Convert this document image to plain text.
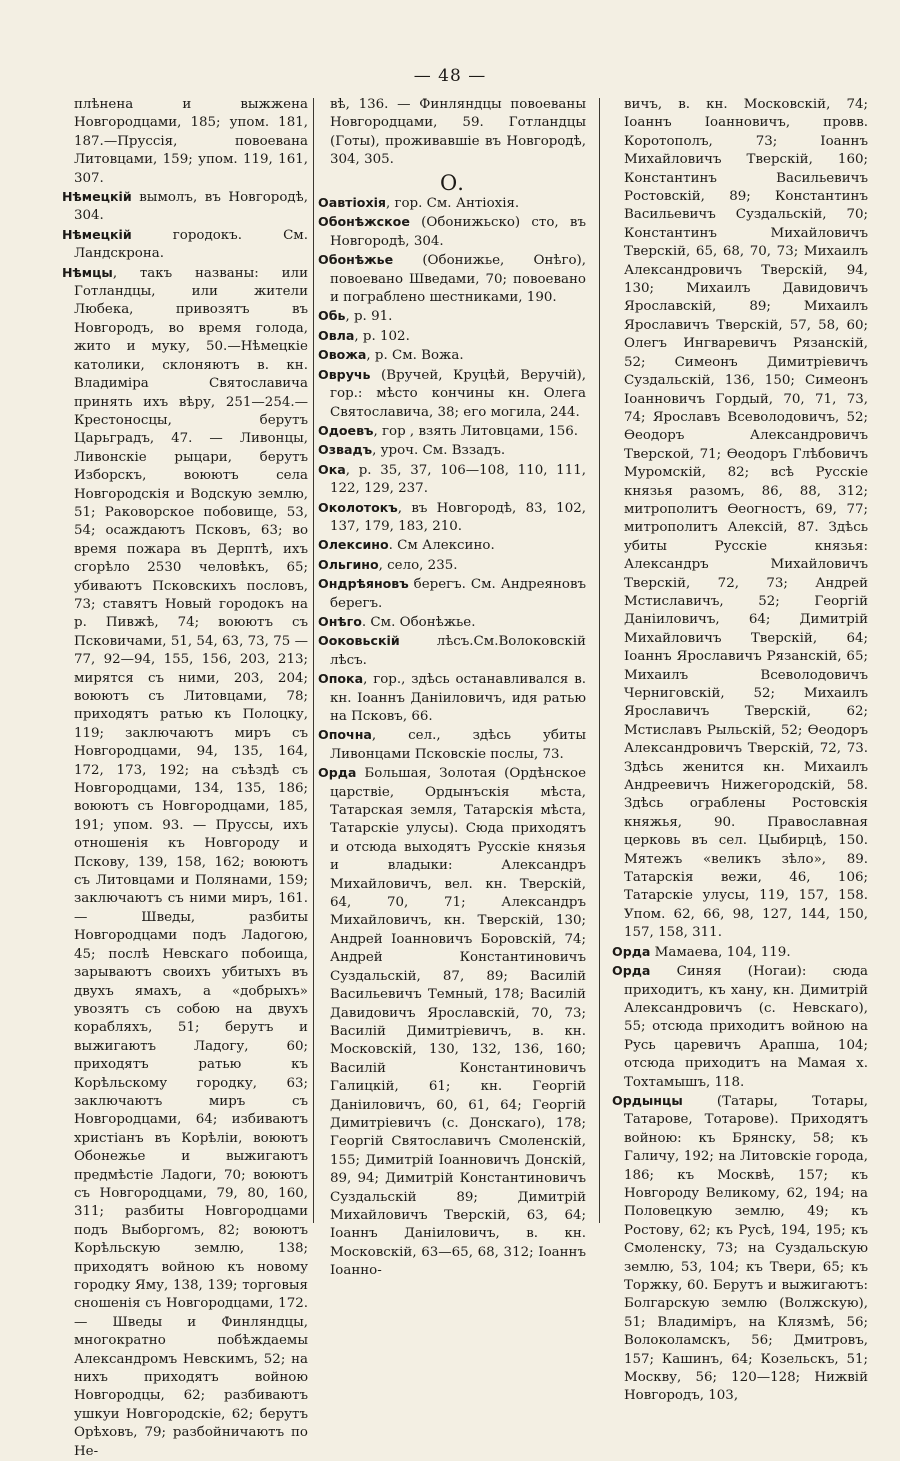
— 48 —

плѣнена и выжжена Новгородцами, 185; упом. 181, 187.—Пруссія, повоевана Литовцами, 159; упом. 119, 161, 307.

Нѣмецкій вымолъ, въ Новгородѣ, 304.

Нѣмецкій городокъ. См. Ландскрона.

Нѣмцы, такъ названы: или Готландцы, или жители Любека, привозятъ въ Новгородъ, во время голода, жито и муку, 50.—Нѣмецкіе католики, склоняютъ в. кн. Владиміра Святославича принять ихъ вѣру, 251—254.—Крестоносцы, берутъ Царьградъ, 47. — Ливонцы, Ливонскіе рыцари, берутъ Изборскъ, воюютъ села Новгородскія и Водскую землю, 51; Раковорское побовище, 53, 54; осаждаютъ Псковъ, 63; во время пожара въ Дерптѣ, ихъ сгорѣло 2530 человѣкъ, 65; убиваютъ Псковскихъ пословъ, 73; ставятъ Новый городокъ на р. Пивжѣ, 74; воюютъ съ Псковичами, 51, 54, 63, 73, 75 — 77, 92—94, 155, 156, 203, 213; мирятся съ ними, 203, 204; воюютъ съ Литовцами, 78; приходятъ ратью къ Полоцку, 119; заключаютъ миръ съ Новгородцами, 94, 135, 164, 172, 173, 192; на съѣздѣ съ Новгородцами, 134, 135, 186; воюютъ съ Новгородцами, 185, 191; упом. 93. — Пруссы, ихъ отношенія къ Новгороду и Пскову, 139, 158, 162; воюютъ съ Литовцами и Полянами, 159; заключаютъ съ ними миръ, 161.— Шведы, разбиты Новгородцами подъ Ладогою, 45; послѣ Невскаго побоища, зарываютъ своихъ убитыхъ въ двухъ ямахъ, а «добрыхъ» увозятъ съ собою на двухъ корабляхъ, 51; берутъ и выжигаютъ Ладогу, 60; приходятъ ратью къ Корѣльскому городку, 63; заключаютъ миръ съ Новгородцами, 64; избиваютъ христіанъ въ Корѣліи, воюютъ Обонежье и выжигаютъ предмѣстіе Ладоги, 70; воюютъ съ Новгородцами, 79, 80, 160, 311; разбиты Новгородцами подъ Выборгомъ, 82; воюютъ Корѣльскую землю, 138; приходятъ войною къ новому городку Яму, 138, 139; торговыя сношенія съ Новгородцами, 172.— Шведы и Финляндцы, многократно побѣждаемы Александромъ Невскимъ, 52; на нихъ приходятъ войною Новгородцы, 62; разбиваютъ ушкуи Новгородскіе, 62; берутъ Орѣховъ, 79; разбойничаютъ по Не-

вѣ, 136. — Финляндцы повоеваны Новгородцами, 59. Готландцы (Готы), проживавшіе въ Новгородѣ, 304, 305.

О.

Оавтіохія, гор. См. Антіохія.

Обонѣжское (Обонижьско) сто, въ Новгородѣ, 304.

Обонѣжье (Обонижье, Онѣго), повоевано Шведами, 70; повоевано и пограблено шестниками, 190.

Обь, р. 91.

Овла, р. 102.

Овожа, р. См. Вожа.

Овручь (Вручей, Круцѣй, Веручій), гор.: мѣсто кончины кн. Олега Святославича, 38; его могила, 244.

Одоевъ, гор , взять Литовцами, 156.

Озвадъ, уроч. См. Вззадъ.

Ока, р. 35, 37, 106—108, 110, 111, 122, 129, 237.

Околотокъ, въ Новгородѣ, 83, 102, 137, 179, 183, 210.

Олексино. См Алексино.

Ольгино, село, 235.

Ондрѣяновъ берегъ. См. Андреяновъ берегъ.

Онѣго. См. Обонѣжье.

Ооковьскій лѣсъ.См.Волоковскій лѣсъ.

Опока, гор., здѣсь останавливался в. кн. Іоаннъ Даніиловичъ, идя ратью на Псковъ, 66.

Опочна, сел., здѣсь убиты Ливонцами Псковскіе послы, 73.

Орда Большая, Золотая (Ордѣнское царствіе, Ордынъскія мѣста, Татарская земля, Татарскія мѣста, Татарскіе улусы). Сюда приходятъ и отсюда выходятъ Русскіе князья и владыки: Александръ Михайловичъ, вел. кн. Тверскій, 64, 70, 71; Александръ Михайловичъ, кн. Тверскій, 130; Андрей Іоанновичъ Боровскій, 74; Андрей Константиновичъ Суздальскій, 87, 89; Василій Васильевичъ Темный, 178; Василій Давидовичъ Ярославскій, 70, 73; Василій Димитріевичъ, в. кн. Московскій, 130, 132, 136, 160; Василій Константиновичъ Галицкій, 61; кн. Георгій Даніиловичъ, 60, 61, 64; Георгій Димитріевичъ (с. Донскаго), 178; Георгій Святославичъ Смоленскій, 155; Димитрій Іоанновичъ Донскій, 89, 94; Димитрій Константиновичъ Суздальскій 89; Димитрій Михайловичъ Тверскій, 63, 64; Іоаннъ Даніиловичъ, в. кн. Московскій, 63—65, 68, 312; Іоаннъ Іоанно-

вичъ, в. кн. Московскій, 74; Іоаннъ Іоанновичъ, провв. Коротополъ, 73; Іоаннъ Михайловичъ Тверскій, 160; Константинъ Васильевичъ Ростовскій, 89; Константинъ Васильевичъ Суздальскій, 70; Константинъ Михайловичъ Тверскій, 65, 68, 70, 73; Михаилъ Александровичъ Тверскій, 94, 130; Михаилъ Давидовичъ Ярославскій, 89; Михаилъ Ярославичъ Тверскій, 57, 58, 60; Олегъ Ингваревичъ Рязанскій, 52; Симеонъ Димитріевичъ Суздальскій, 136, 150; Симеонъ Іоанновичъ Гордый, 70, 71, 73, 74; Ярославъ Всеволодовичъ, 52; Ѳеодоръ Александровичъ Тверской, 71; Ѳеодоръ Глѣбовичъ Муромскій, 82; всѣ Русскіе князья разомъ, 86, 88, 312; митрополитъ Ѳеогностъ, 69, 77; митрополитъ Алексій, 87. Здѣсь убиты Русскіе князья: Александръ Михайловичъ Тверскій, 72, 73; Андрей Мстиславичъ, 52; Георгій Даніиловичъ, 64; Димитрій Михайловичъ Тверскій, 64; Іоаннъ Ярославичъ Рязанскій, 65; Михаилъ Всеволодовичъ Черниговскій, 52; Михаилъ Ярославичъ Тверскій, 62; Мстиславъ Рыльскій, 52; Ѳеодоръ Александровичъ Тверскій, 72, 73. Здѣсь женится кн. Михаилъ Андреевичъ Нижегородскій, 58. Здѣсь ограблены Ростовскія княжья, 90. Православная церковь въ сел. Цыбирцѣ, 150. Мятежъ «великъ зѣло», 89. Татарскія вежи, 46, 106; Татарскіе улусы, 119, 157, 158. Упом. 62, 66, 98, 127, 144, 150, 157, 158, 311.

Орда Мамаева, 104, 119.

Орда Синяя (Ногаи): сюда приходитъ, къ хану, кн. Димитрій Александровичъ (с. Невскаго), 55; отсюда приходитъ войною на Русь царевичъ Арапша, 104; отсюда приходитъ на Мамая х. Тохтамышъ, 118.

Ордынцы (Татары, Тотары, Татарове, Тотарове). Приходятъ войною: къ Брянску, 58; къ Галичу, 192; на Литовскіе города, 186; къ Москвѣ, 157; къ Новгороду Великому, 62, 194; на Половецкую землю, 49; къ Ростову, 62; къ Русѣ, 194, 195; къ Смоленску, 73; на Суздальскую землю, 53, 104; къ Твери, 65; къ Торжку, 60. Берутъ и выжигаютъ: Болгарскую землю (Волжскую), 51; Владиміръ, на Клязмѣ, 56; Волоколамскъ, 56; Дмитровъ, 157; Кашинъ, 64; Козельскъ, 51; Москву, 56; 120—128; Нижвій Новгородъ, 103,
